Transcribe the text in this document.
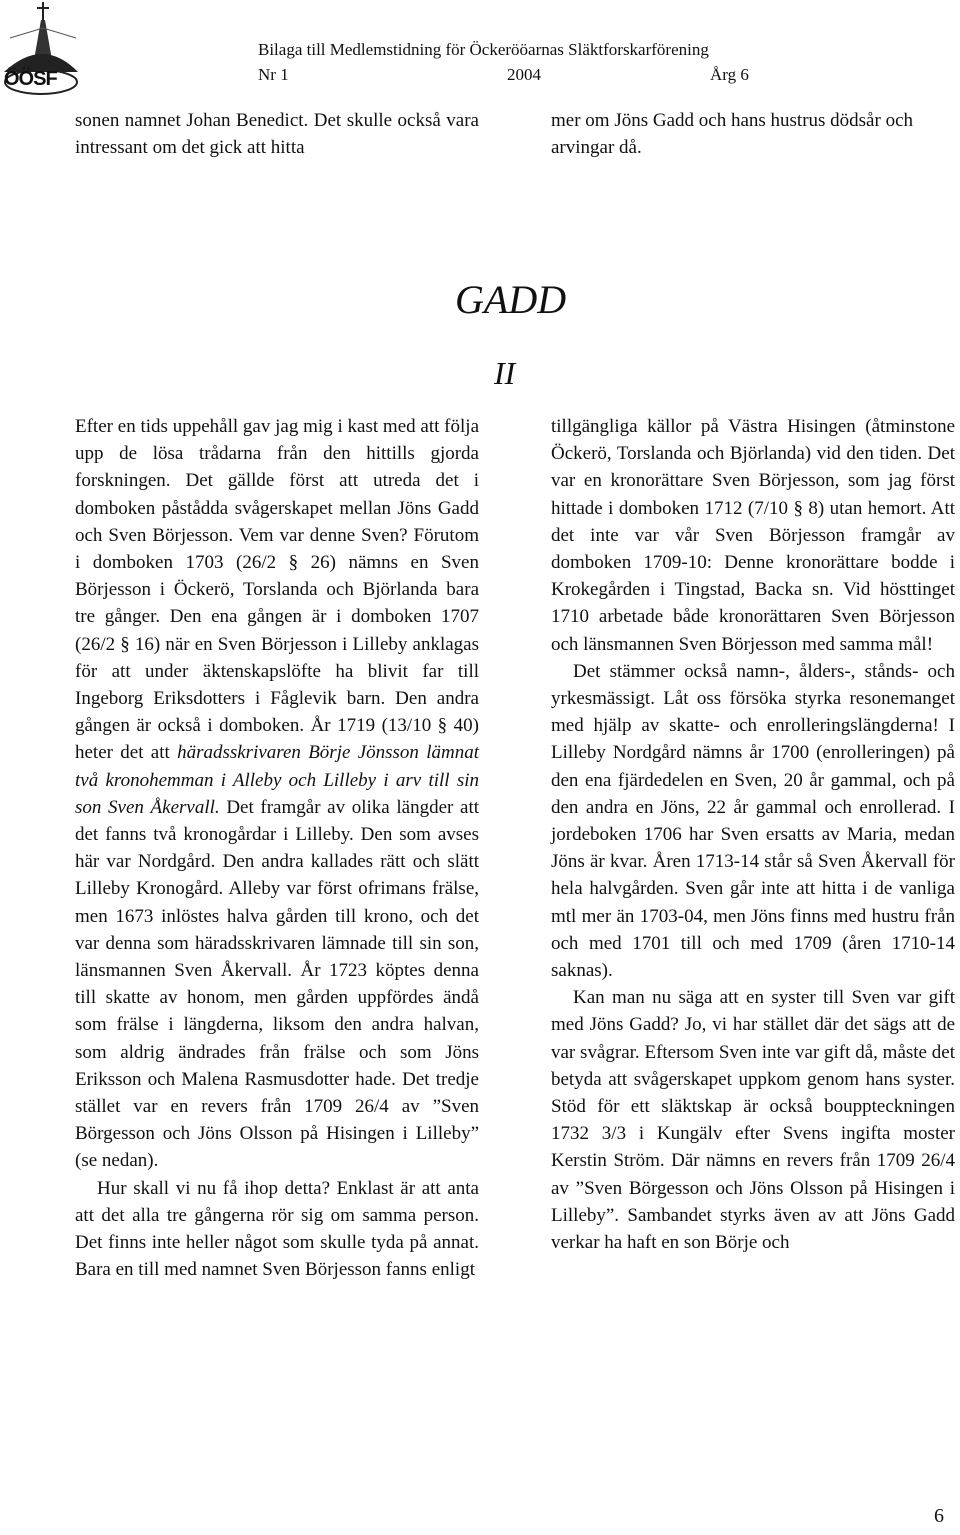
ÖÖSF
Bilaga till Medlemstidning för Öckerööarnas Släktforskarförening
Nr 1	2004	Årg 6

sonen namnet Johan Benedict. Det skulle också vara intressant om det gick att hitta

mer om Jöns Gadd och hans hustrus dödsår och arvingar då.

GADD
II

Efter en tids uppehåll gav jag mig i kast med att följa upp de lösa trådarna från den hittills gjorda forskningen. Det gällde först att utreda det i domboken påstådda svågerskapet mellan Jöns Gadd och Sven Börjesson. Vem var denne Sven? Förutom i domboken 1703 (26/2 § 26) nämns en Sven Börjesson i Öckerö, Torslanda och Björlanda bara tre gånger. Den ena gången är i domboken 1707 (26/2 § 16) när en Sven Börjesson i Lilleby anklagas för att under äktenskapslöfte ha blivit far till Ingeborg Eriksdotters i Fåglevik barn. Den andra gången är också i domboken. År 1719 (13/10 § 40) heter det att häradsskrivaren Börje Jönsson lämnat två kronohemman i Alleby och Lilleby i arv till sin son Sven Åkervall. Det framgår av olika längder att det fanns två kronogårdar i Lilleby. Den som avses här var Nordgård. Den andra kallades rätt och slätt Lilleby Kronogård. Alleby var först ofrimans frälse, men 1673 inlöstes halva gården till krono, och det var denna som häradsskrivaren lämnade till sin son, länsmannen Sven Åkervall. År 1723 köptes denna till skatte av honom, men gården uppfördes ändå som frälse i längderna, liksom den andra halvan, som aldrig ändrades från frälse och som Jöns Eriksson och Malena Rasmusdotter hade. Det tredje stället var en revers från 1709 26/4 av ”Sven Börgesson och Jöns Olsson på Hisingen i Lilleby” (se nedan).

Hur skall vi nu få ihop detta? Enklast är att anta att det alla tre gångerna rör sig om samma person. Det finns inte heller något som skulle tyda på annat. Bara en till med namnet Sven Börjesson fanns enligt

tillgängliga källor på Västra Hisingen (åtminstone Öckerö, Torslanda och Björlanda) vid den tiden. Det var en kronorättare Sven Börjesson, som jag först hittade i domboken 1712 (7/10 § 8) utan hemort. Att det inte var vår Sven Börjesson framgår av domboken 1709-10: Denne kronorättare bodde i Krokegården i Tingstad, Backa sn. Vid hösttinget 1710 arbetade både kronorättaren Sven Börjesson och länsmannen Sven Börjesson med samma mål!

Det stämmer också namn-, ålders-, stånds- och yrkesmässigt. Låt oss försöka styrka resonemanget med hjälp av skatte- och enrolleringslängderna! I Lilleby Nordgård nämns år 1700 (enrolleringen) på den ena fjärdedelen en Sven, 20 år gammal, och på den andra en Jöns, 22 år gammal och enrollerad. I jordeboken 1706 har Sven ersatts av Maria, medan Jöns är kvar. Åren 1713-14 står så Sven Åkervall för hela halvgården. Sven går inte att hitta i de vanliga mtl mer än 1703-04, men Jöns finns med hustru från och med 1701 till och med 1709 (åren 1710-14 saknas).

Kan man nu säga att en syster till Sven var gift med Jöns Gadd? Jo, vi har stället där det sägs att de var svågrar. Eftersom Sven inte var gift då, måste det betyda att svågerskapet uppkom genom hans syster. Stöd för ett släktskap är också bouppteckningen 1732 3/3 i Kungälv efter Svens ingifta moster Kerstin Ström. Där nämns en revers från 1709 26/4 av ”Sven Börgesson och Jöns Olsson på Hisingen i Lilleby”. Sambandet styrks även av att Jöns Gadd verkar ha haft en son Börje och

6
